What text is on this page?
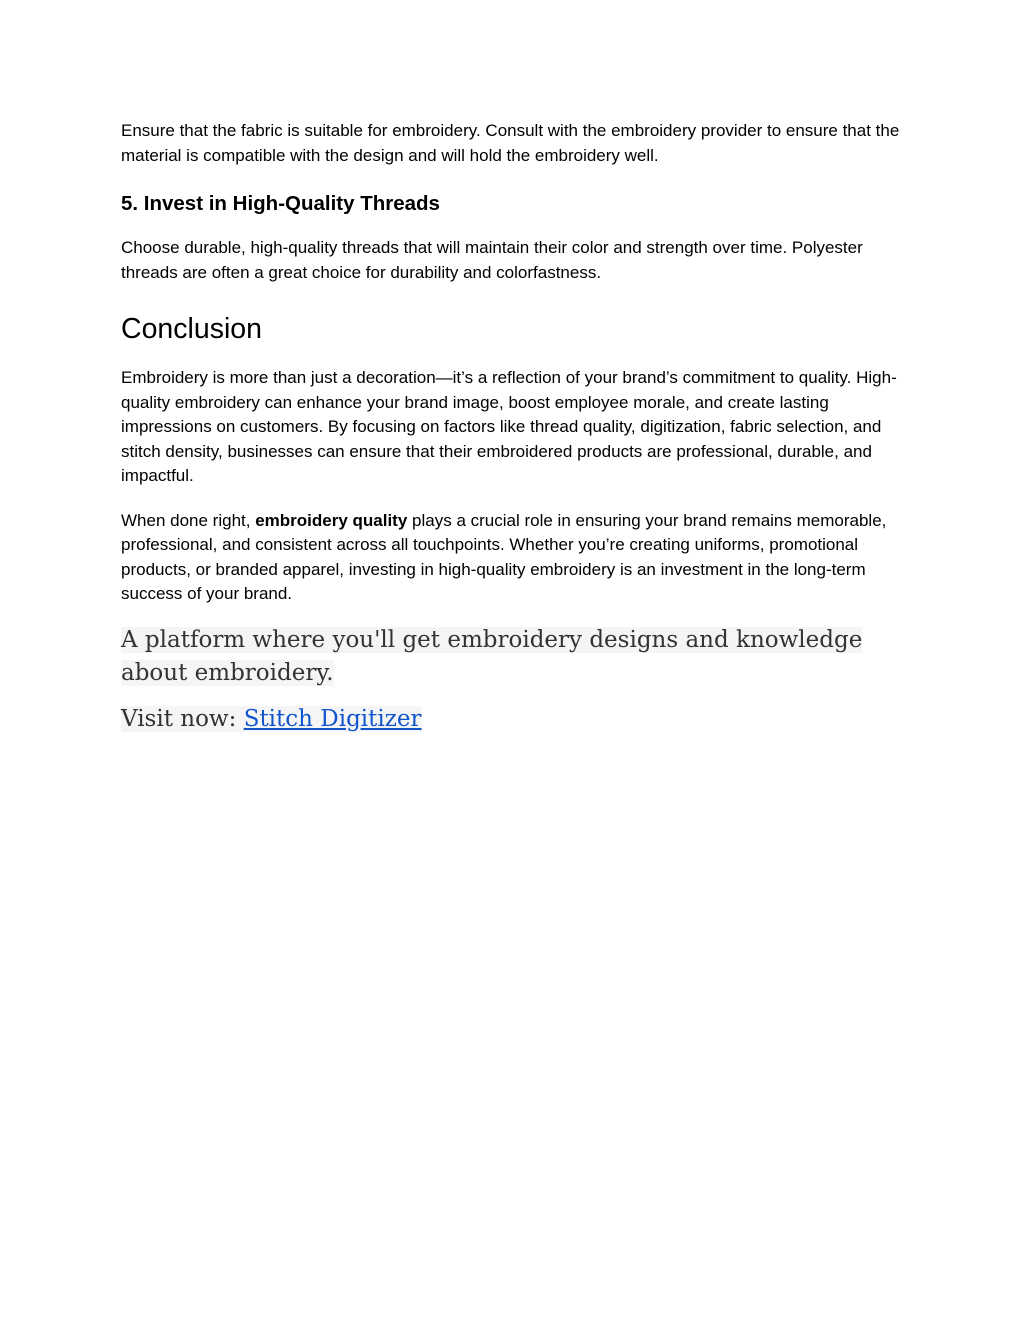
Ensure that the fabric is suitable for embroidery. Consult with the embroidery provider to ensure that the material is compatible with the design and will hold the embroidery well.

5. Invest in High-Quality Threads

Choose durable, high-quality threads that will maintain their color and strength over time. Polyester threads are often a great choice for durability and colorfastness.

Conclusion

Embroidery is more than just a decoration—it’s a reflection of your brand’s commitment to quality. High-quality embroidery can enhance your brand image, boost employee morale, and create lasting impressions on customers. By focusing on factors like thread quality, digitization, fabric selection, and stitch density, businesses can ensure that their embroidered products are professional, durable, and impactful.

When done right, embroidery quality plays a crucial role in ensuring your brand remains memorable, professional, and consistent across all touchpoints. Whether you’re creating uniforms, promotional products, or branded apparel, investing in high-quality embroidery is an investment in the long-term success of your brand.

A platform where you'll get embroidery designs and knowledge about embroidery.

Visit now: Stitch Digitizer
